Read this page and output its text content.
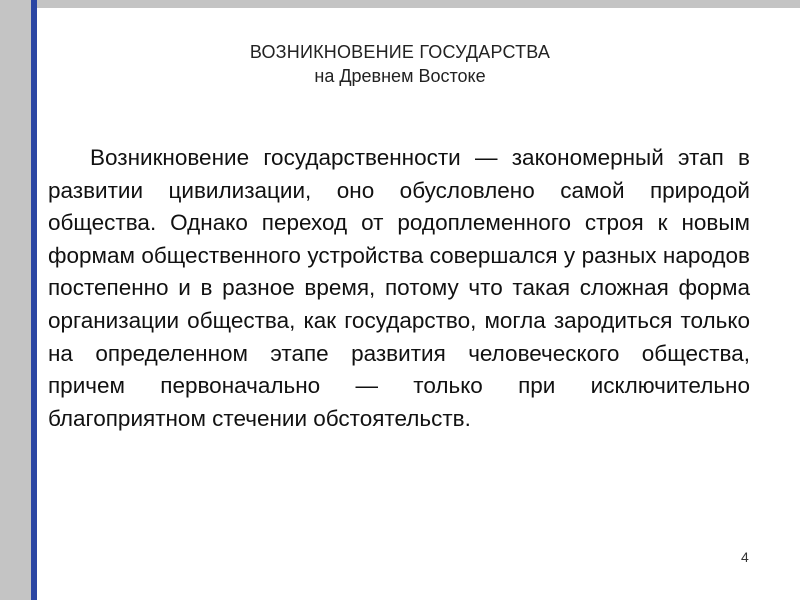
ВОЗНИКНОВЕНИЕ ГОСУДАРСТВА
на Древнем Востоке

Возникновение государственности — закономерный этап в развитии цивилизации, оно обусловлено самой природой общества. Однако переход от родоплеменного строя к новым формам общественного устройства совершался у разных народов постепенно и в разное время, потому что такая сложная форма организации общества, как государство, могла зародиться только на определенном этапе развития человеческого общества, причем первоначально — только при исключительно благоприятном стечении обстоятельств.

4
